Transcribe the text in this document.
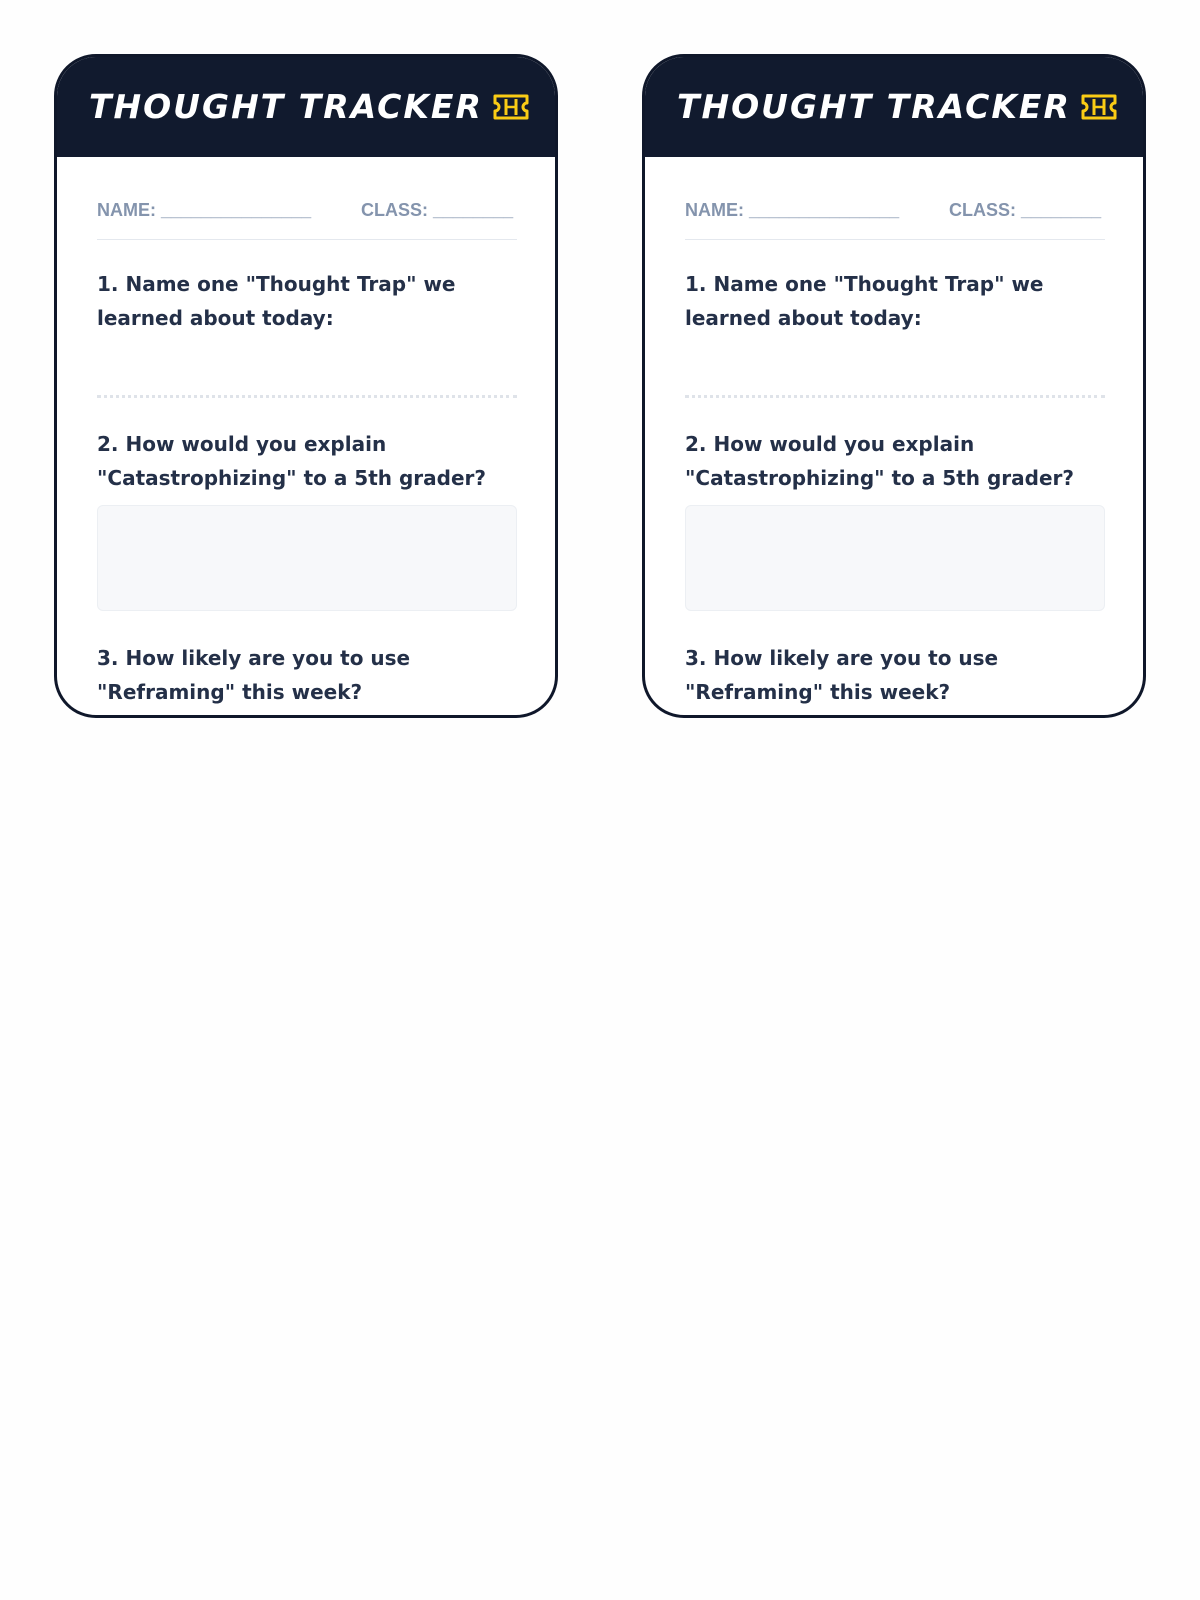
THOUGHT TRACKER
NAME: _______________	CLASS: ________
1. Name one "Thought Trap" we learned about today:
2. How would you explain "Catastrophizing" to a 5th grader?
3. How likely are you to use "Reframing" this week?
THOUGHT TRACKER
NAME: _______________	CLASS: ________
1. Name one "Thought Trap" we learned about today:
2. How would you explain "Catastrophizing" to a 5th grader?
3. How likely are you to use "Reframing" this week?
